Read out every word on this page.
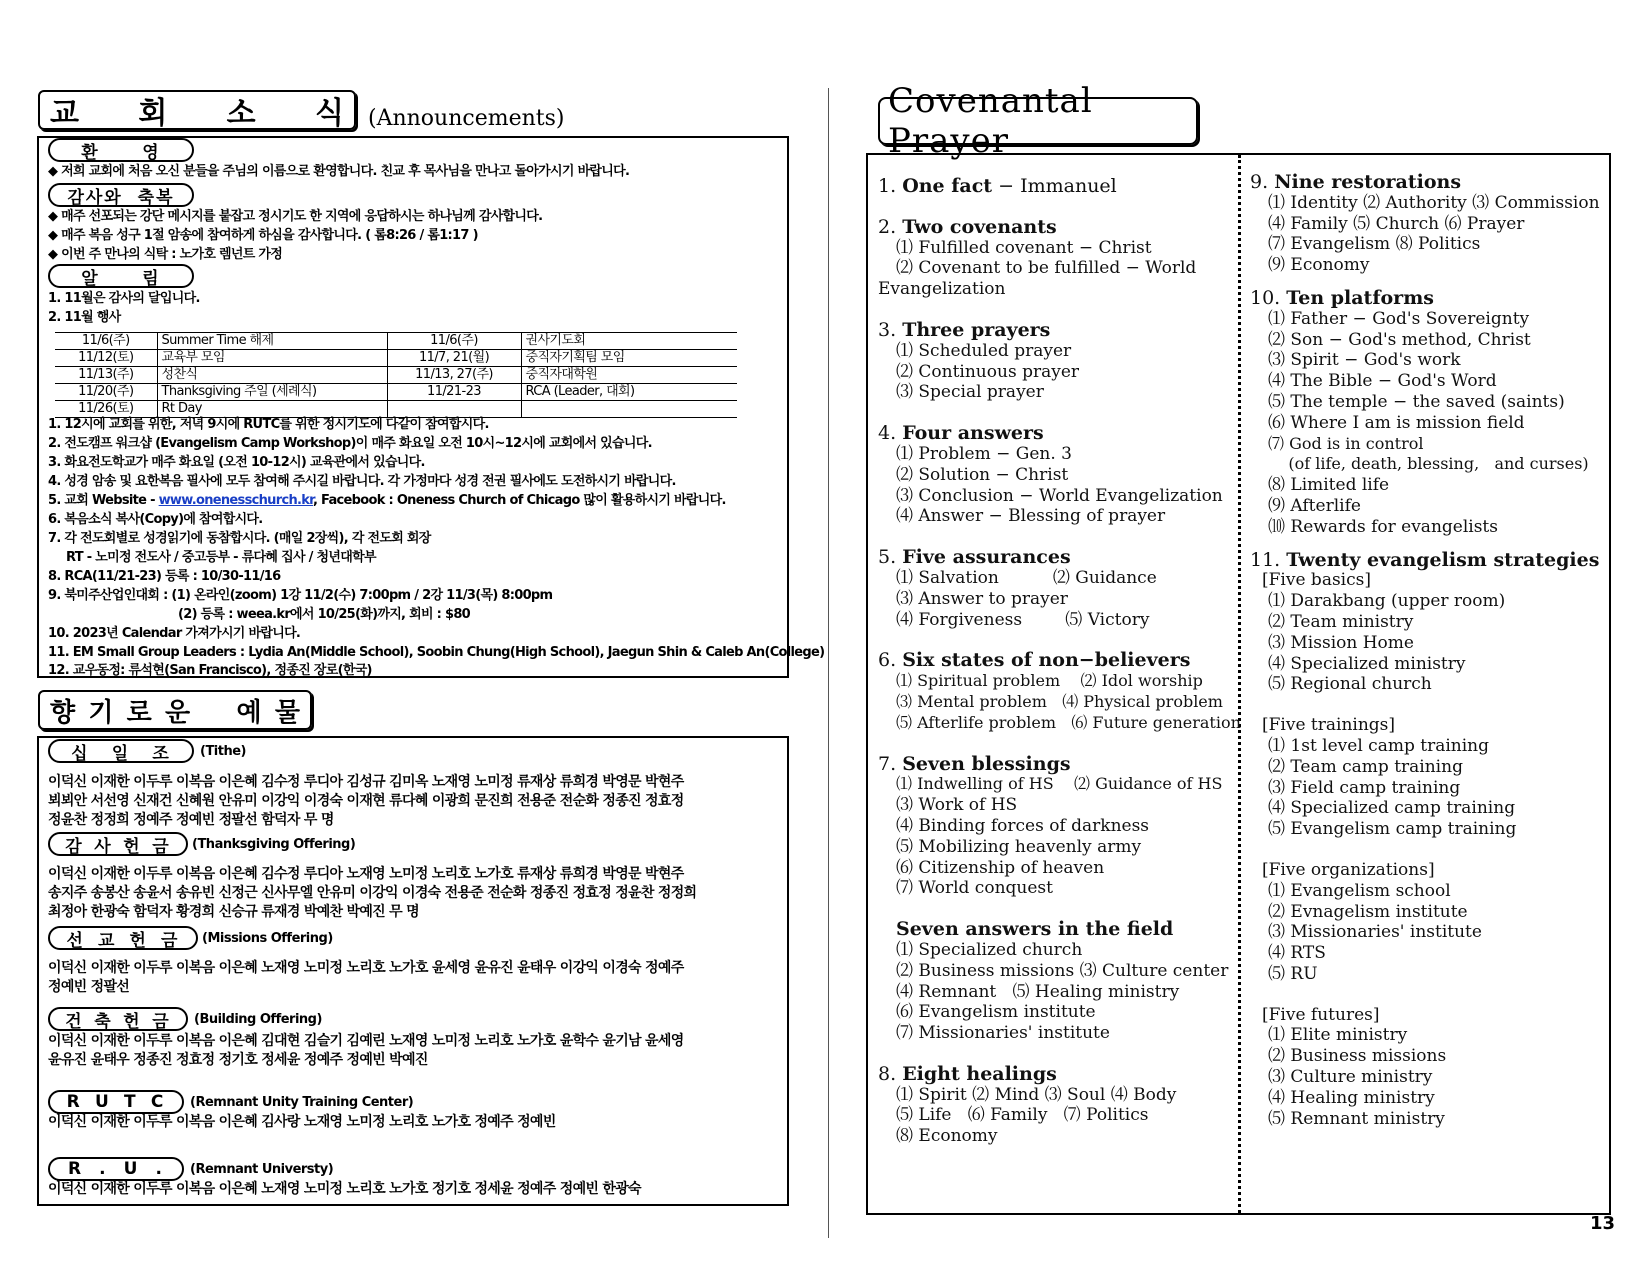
교 회 소 식 (Announcements)
환	영
◆ 저희 교회에 처음 오신 분들을 주님의 이름으로 환영합니다. 친교 후 목사님을 만나고 돌아가시기 바랍니다.
감사와 축복
◆ 매주 선포되는 강단 메시지를 붙잡고 정시기도 한 지역에 응답하시는 하나님께 감사합니다.
◆ 매주 복음 성구 1절 암송에 참여하게 하심을 감사합니다. ( 롬8:26 / 롬1:17 )
◆ 이번 주 만나의 식탁 : 노가호 렘넌트 가정
알	림
1. 11월은 감사의 달입니다.
2. 11월 행사
11/6(주)	Summer Time 해제	11/6(주)	권사기도회
11/12(토)	교육부 모임	11/7, 21(월)	중직자기획팀 모임
11/13(주)	성찬식	11/13, 27(주)	중직자대학원
11/20(주)	Thanksgiving 주일 (세례식)	11/21-23	RCA (Leader, 대회)
11/26(토)	Rt Day		
1. 12시에 교회를 위한, 저녁 9시에 RUTC를 위한 정시기도에 다같이 참여합시다.
2. 전도캠프 워크샵 (Evangelism Camp Workshop)이 매주 화요일 오전 10시~12시에 교회에서 있습니다.
3. 화요전도학교가 매주 화요일 (오전 10-12시) 교육관에서 있습니다.
4. 성경 암송 및 요한복음 필사에 모두 참여해 주시길 바랍니다. 각 가정마다 성경 전권 필사에도 도전하시기 바랍니다.
5. 교회 Website - www.onenesschurch.kr, Facebook : Oneness Church of Chicago 많이 활용하시기 바랍니다.
6. 복음소식 복사(Copy)에 참여합시다.
7. 각 전도회별로 성경읽기에 동참합시다. (매일 2장씩), 각 전도회 회장
RT - 노미정 전도사 / 중고등부 - 류다혜 집사 / 청년대학부
8. RCA(11/21-23) 등록 : 10/30-11/16
9. 북미주산업인대회 : (1) 온라인(zoom) 1강 11/2(수) 7:00pm / 2강 11/3(목) 8:00pm
(2) 등록 : weea.kr에서 10/25(화)까지, 회비 : $80
10. 2023년 Calendar 가져가시기 바랍니다.
11. EM Small Group Leaders : Lydia An(Middle School), Soobin Chung(High School), Jaegun Shin & Caleb An(College)
12. 교우동정: 류석현(San Francisco), 정종진 장로(한국)
향 기 로 운 예 물
십 일 조 (Tithe)
이덕신 이재한 이두루 이복음 이은혜 김수정 루디아 김성규 김미옥 노재영 노미정 류재상 류희경 박영문 박현주
뵈뵈안 서선영 신재건 신혜원 안유미 이강익 이경숙 이재현 류다혜 이광희 문진희 전용준 전순화 정종진 정효정
정윤찬 정정희 정예주 정예빈 정팔선 함덕자 무 명
감 사 헌 금 (Thanksgiving Offering)
이덕신 이재한 이두루 이복음 이은혜 김수정 루디아 노재영 노미정 노리호 노가호 류재상 류희경 박영문 박현주
송지주 송봉산 송윤서 송유빈 신정근 신사무엘 안유미 이강익 이경숙 전용준 전순화 정종진 정효정 정윤찬 정정희
최정아 한광숙 함덕자 황경희 신승규 류재경 박예찬 박예진 무 명
선 교 헌 금 (Missions Offering)
이덕신 이재한 이두루 이복음 이은혜 노재영 노미정 노리호 노가호 윤세영 윤유진 윤태우 이강익 이경숙 정예주
정예빈 정팔선
건 축 헌 금 (Building Offering)
이덕신 이재한 이두루 이복음 이은혜 김대현 김슬기 김예린 노재영 노미정 노리호 노가호 윤학수 윤기남 윤세영
윤유진 윤태우 정종진 정효정 정기호 정세윤 정예주 정예빈 박예진
R U T C (Remnant Unity Training Center)
이덕신 이재한 이두루 이복음 이은혜 김사랑 노재영 노미정 노리호 노가호 정예주 정예빈
R . U . (Remnant Universty)
이덕신 이재한 이두루 이복음 이은혜 노재영 노미정 노리호 노가호 정기호 정세윤 정예주 정예빈 한광숙
Covenantal Prayer
1. One fact − Immanuel
2. Two covenants
⑴ Fulfilled covenant − Christ
⑵ Covenant to be fulfilled − World
Evangelization
3. Three prayers
⑴ Scheduled prayer
⑵ Continuous prayer
⑶ Special prayer
4. Four answers
⑴ Problem − Gen. 3
⑵ Solution − Christ
⑶ Conclusion − World Evangelization
⑷ Answer − Blessing of prayer
5. Five assurances
⑴ Salvation          ⑵ Guidance
⑶ Answer to prayer
⑷ Forgiveness        ⑸ Victory
6. Six states of non−believers
⑴ Spiritual problem    ⑵ Idol worship
⑶ Mental problem   ⑷ Physical problem
⑸ Afterlife problem   ⑹ Future generation
7. Seven blessings
⑴ Indwelling of HS    ⑵ Guidance of HS
⑶ Work of HS
⑷ Binding forces of darkness
⑸ Mobilizing heavenly army
⑹ Citizenship of heaven
⑺ World conquest
Seven answers in the field
⑴ Specialized church
⑵ Business missions ⑶ Culture center
⑷ Remnant   ⑸ Healing ministry
⑹ Evangelism institute
⑺ Missionaries' institute
8. Eight healings
⑴ Spirit ⑵ Mind ⑶ Soul ⑷ Body
⑸ Life   ⑹ Family   ⑺ Politics
⑻ Economy
9. Nine restorations
⑴ Identity ⑵ Authority ⑶ Commission
⑷ Family ⑸ Church ⑹ Prayer
⑺ Evangelism ⑻ Politics
⑼ Economy
10. Ten platforms
⑴ Father − God's Sovereignty
⑵ Son − God's method, Christ
⑶ Spirit − God's work
⑷ The Bible − God's Word
⑸ The temple − the saved (saints)
⑹ Where I am is mission field
⑺ God is in control
(of life, death, blessing,   and curses)
⑻ Limited life
⑼ Afterlife
⑽ Rewards for evangelists
11. Twenty evangelism strategies
[Five basics]
⑴ Darakbang (upper room)
⑵ Team ministry
⑶ Mission Home
⑷ Specialized ministry
⑸ Regional church
[Five trainings]
⑴ 1st level camp training
⑵ Team camp training
⑶ Field camp training
⑷ Specialized camp training
⑸ Evangelism camp training
[Five organizations]
⑴ Evangelism school
⑵ Evnagelism institute
⑶ Missionaries' institute
⑷ RTS
⑸ RU
[Five futures]
⑴ Elite ministry
⑵ Business missions
⑶ Culture ministry
⑷ Healing ministry
⑸ Remnant ministry
13
